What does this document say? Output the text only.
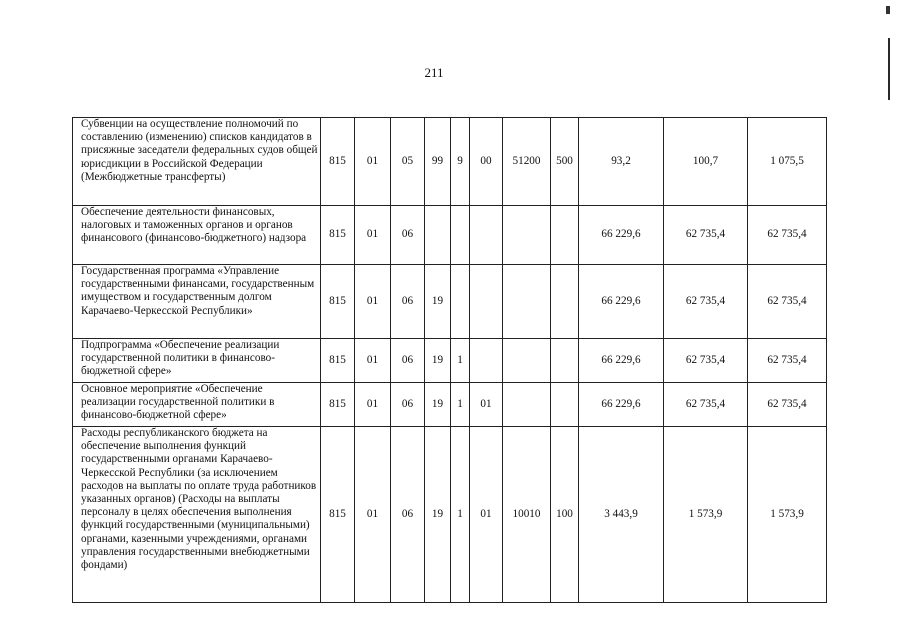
211
Субвенции на осуществление полномочий по составлению (изменению) списков кандидатов в присяжные заседатели федеральных судов общей юрисдикции в Российской Федерации (Межбюджетные трансферты)	815	01	05	99	9	00	51200	500	93,2	100,7	1 075,5
Обеспечение деятельности финансовых, налоговых и таможенных органов и органов финансового (финансово-бюджетного) надзора	815	01	06						66 229,6	62 735,4	62 735,4
Государственная программа «Управление государственными финансами, государственным имуществом и государственным долгом Карачаево-Черкесской Республики»	815	01	06	19					66 229,6	62 735,4	62 735,4
Подпрограмма «Обеспечение реализации государственной политики в финансово-бюджетной сфере»	815	01	06	19	1				66 229,6	62 735,4	62 735,4
Основное мероприятие «Обеспечение реализации государственной политики в финансово-бюджетной сфере»	815	01	06	19	1	01			66 229,6	62 735,4	62 735,4
Расходы республиканского бюджета на обеспечение выполнения функций государственными органами Карачаево-Черкесской Республики (за исключением расходов на выплаты по оплате труда работников указанных органов) (Расходы на выплаты персоналу в целях обеспечения выполнения функций государственными (муниципальными) органами, казенными учреждениями, органами управления государственными внебюджетными фондами)	815	01	06	19	1	01	10010	100	3 443,9	1 573,9	1 573,9
